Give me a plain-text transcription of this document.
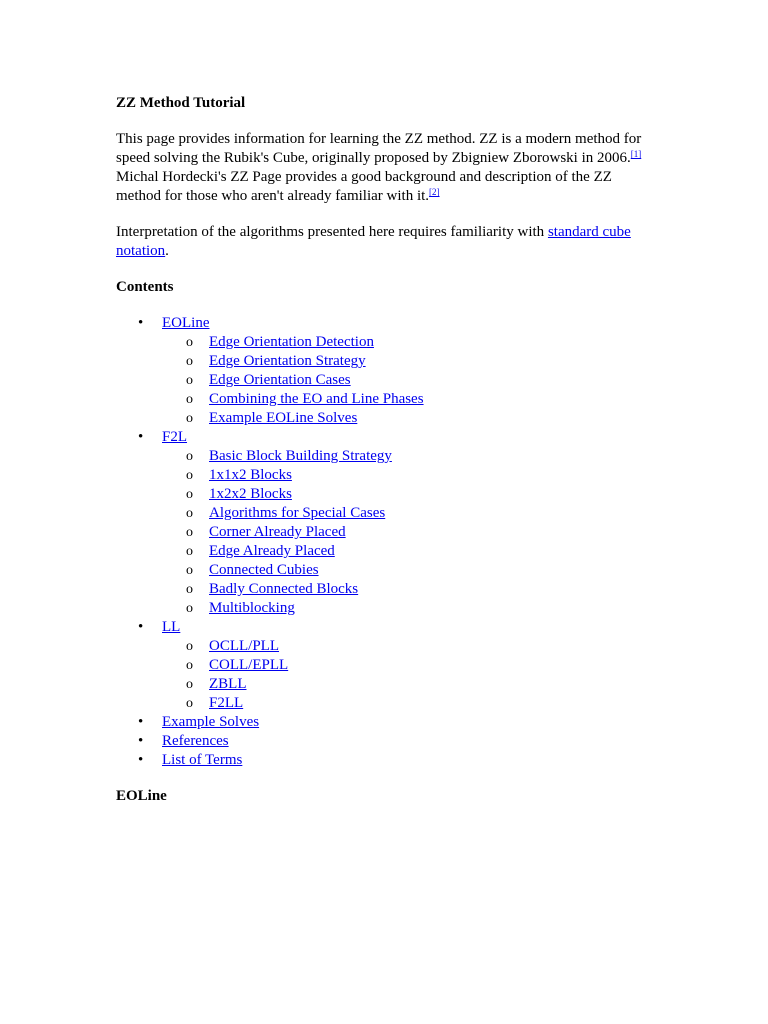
ZZ Method Tutorial

This page provides information for learning the ZZ method. ZZ is a modern method for speed solving the Rubik's Cube, originally proposed by Zbigniew Zborowski in 2006.[1] Michal Hordecki's ZZ Page provides a good background and description of the ZZ method for those who aren't already familiar with it.[2]

Interpretation of the algorithms presented here requires familiarity with standard cube notation.

Contents
• EOLine
o Edge Orientation Detection
o Edge Orientation Strategy
o Edge Orientation Cases
o Combining the EO and Line Phases
o Example EOLine Solves
• F2L
o Basic Block Building Strategy
o 1x1x2 Blocks
o 1x2x2 Blocks
o Algorithms for Special Cases
o Corner Already Placed
o Edge Already Placed
o Connected Cubies
o Badly Connected Blocks
o Multiblocking
• LL
o OCLL/PLL
o COLL/EPLL
o ZBLL
o F2LL
• Example Solves
• References
• List of Terms
EOLine
